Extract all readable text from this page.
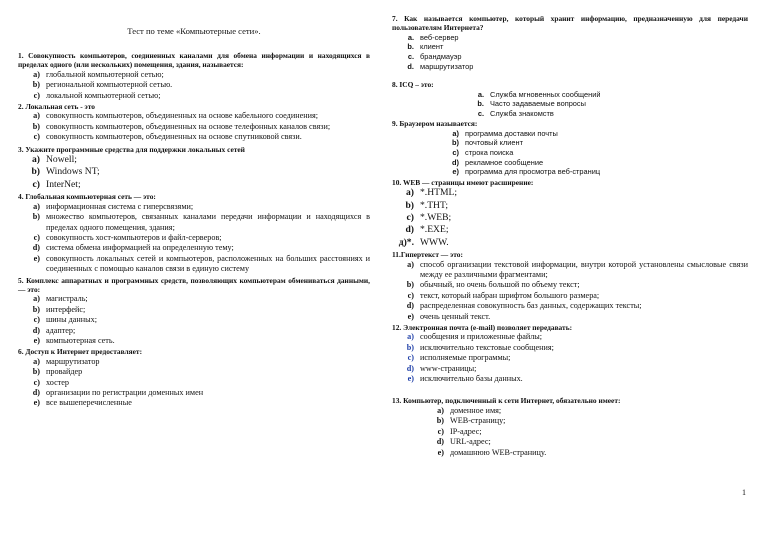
Тест по теме «Компьютерные сети».
1. Совокупность компьютеров, соединенных каналами для обмена информации и находящихся в пределах одного (или нескольких) помещения, здания, называется:
a) глобальной компьютерной сетью;
b) региональной компьютерной сетью.
c) локальной компьютерной сетью;
2. Локальная сеть - это
a) совокупность компьютеров, объединенных на основе кабельного соединения;
b) совокупность компьютеров, объединенных на основе телефонных каналов связи;
c) совокупность компьютеров, объединенных на основе спутниковой связи.
3. Укажите программные средства для поддержки локальных сетей
a) Nowell;
b) Windows NT;
c) InterNet;
4. Глобальная компьютерная сеть — это:
a) информационная система с гиперсвязями;
b) множество компьютеров, связанных каналами передачи информации и находящихся в пределах одного помещения, здания;
c) совокупность хост-компьютеров и файл-серверов;
d) система обмена информацией на определенную тему;
e) совокупность локальных сетей и компьютеров, расположенных на больших расстояниях и соединенных с помощью каналов связи в единую систему
5. Комплекс аппаратных и программных средств, позволяющих компьютерам обмениваться данными, — это:
a) магистраль;
b) интерфейс;
c) шины данных;
d) адаптер;
e) компьютерная сеть.
6. Доступ к Интернет предоставляет:
a) маршрутизатор
b) провайдер
c) хостер
d) организации по регистрации доменных имен
e) все вышеперечисленные
7. Как называется компьютер, который хранит информацию, предназначенную для передачи пользователям Интернета?
a. веб-сервер
b. клиент
c. брандмауэр
d. маршрутизатор
8. ICQ – это:
a. Служба мгновенных сообщений
b. Часто задаваемые вопросы
c. Служба знакомств
9. Браузером называется:
a) программа доставки почты
b) почтовый клиент
c) строка поиска
d) рекламное сообщение
e) программа для просмотра веб-страниц
10. WEB — страницы имеют расширение:
a) *.HTML;
b) *.THT;
c) *.WEB;
d) *.EXE;
д)*. WWW.
11.Гипертекст — это:
a) способ организации текстовой информации, внутри которой установлены смысловые связи между ее различными фрагментами;
b) обычный, но очень большой по объему текст;
c) текст, который набран шрифтом большого размера;
d) распределенная совокупность баз данных, содержащих тексты;
e) очень ценный текст.
12. Электронная почта (e-mail) позволяет передавать:
a) сообщения и приложенные файлы;
b) исключительно текстовые сообщения;
c) исполняемые программы;
d) www-страницы;
e) исключительно базы данных.
13. Компьютер, подключенный к сети Интернет, обязательно имеет:
a) доменное имя;
b) WEB-страницу;
c) IP-адрес;
d) URL-адрес;
e) домашнюю WEB-страницу.
1
